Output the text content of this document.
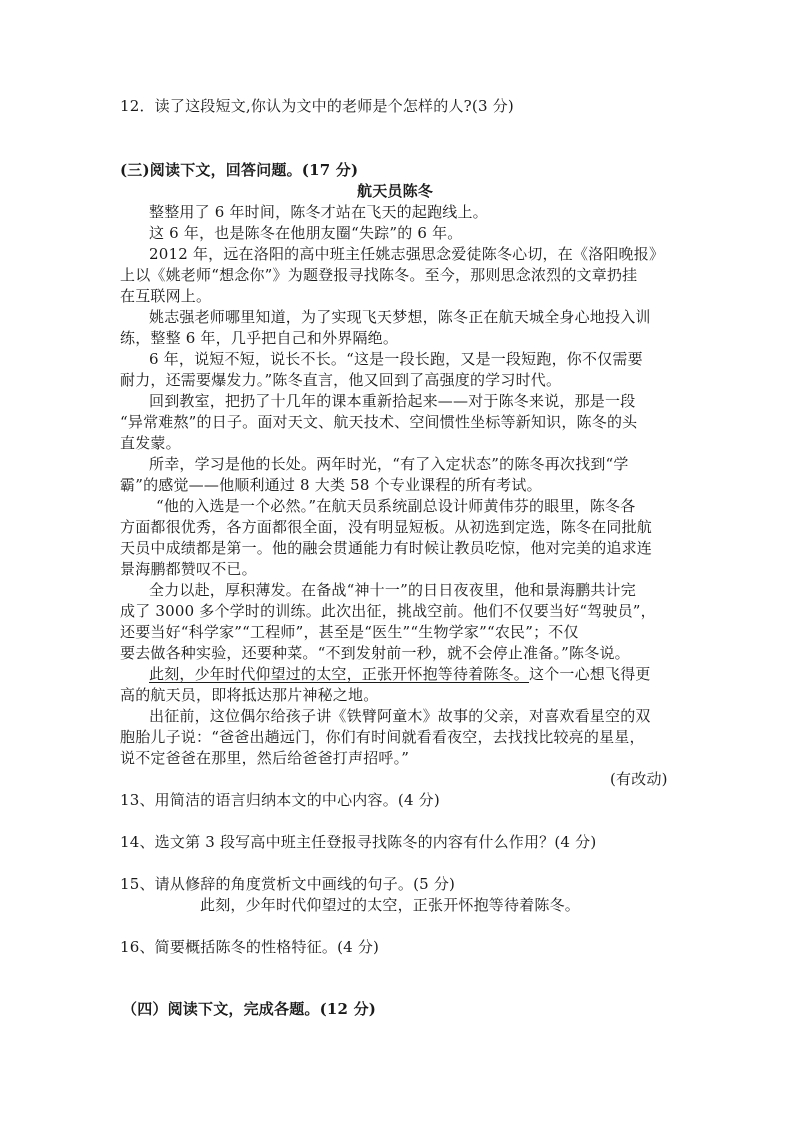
12．读了这段短文,你认为文中的老师是个怎样的人?(3 分)
(三)阅读下文，回答问题。(17 分)
航天员陈冬
整整用了 6 年时间，陈冬才站在飞天的起跑线上。
这 6 年，也是陈冬在他朋友圈“失踪”的 6 年。
2012 年，远在洛阳的高中班主任姚志强思念爱徒陈冬心切，在《洛阳晚报》
上以《姚老师“想念你”》为题登报寻找陈冬。至今，那则思念浓烈的文章扔挂
在互联网上。
姚志强老师哪里知道，为了实现飞天梦想，陈冬正在航天城全身心地投入训
练，整整 6 年，几乎把自己和外界隔绝。
6 年，说短不短，说长不长。“这是一段长跑，又是一段短跑，你不仅需要
耐力，还需要爆发力。”陈冬直言，他又回到了高强度的学习时代。
回到教室，把扔了十几年的课本重新拾起来——对于陈冬来说，那是一段
“异常难熬”的日子。面对天文、航天技术、空间惯性坐标等新知识，陈冬的头
直发蒙。
所幸，学习是他的长处。两年时光，“有了入定状态”的陈冬再次找到“学
霸”的感觉——他顺利通过 8 大类 58 个专业课程的所有考试。
“他的入选是一个必然。”在航天员系统副总设计师黄伟芬的眼里，陈冬各
方面都很优秀，各方面都很全面，没有明显短板。从初选到定选，陈冬在同批航
天员中成绩都是第一。他的融会贯通能力有时候让教员吃惊，他对完美的追求连
景海鹏都赞叹不已。
全力以赴，厚积薄发。在备战“神十一”的日日夜夜里，他和景海鹏共计完
成了 3000 多个学时的训练。此次出征，挑战空前。他们不仅要当好“驾驶员”，
还要当好“科学家”“工程师”，甚至是“医生”“生物学家”“农民”；不仅
要去做各种实验，还要种菜。“不到发射前一秒，就不会停止准备。”陈冬说。
此刻，少年时代仰望过的太空，正张开怀抱等待着陈冬。这个一心想飞得更
高的航天员，即将抵达那片神秘之地。
出征前，这位偶尔给孩子讲《铁臂阿童木》故事的父亲，对喜欢看星空的双
胞胎儿子说：“爸爸出趟远门，你们有时间就看看夜空，去找找比较亮的星星，
说不定爸爸在那里，然后给爸爸打声招呼。”
(有改动)
13、用简洁的语言归纳本文的中心内容。(4 分)
14、选文第 3 段写高中班主任登报寻找陈冬的内容有什么作用？(4 分)
15、请从修辞的角度赏析文中画线的句子。(5 分)
此刻，少年时代仰望过的太空，正张开怀抱等待着陈冬。
16、简要概括陈冬的性格特征。(4 分)
（四）阅读下文，完成各题。(12 分)
